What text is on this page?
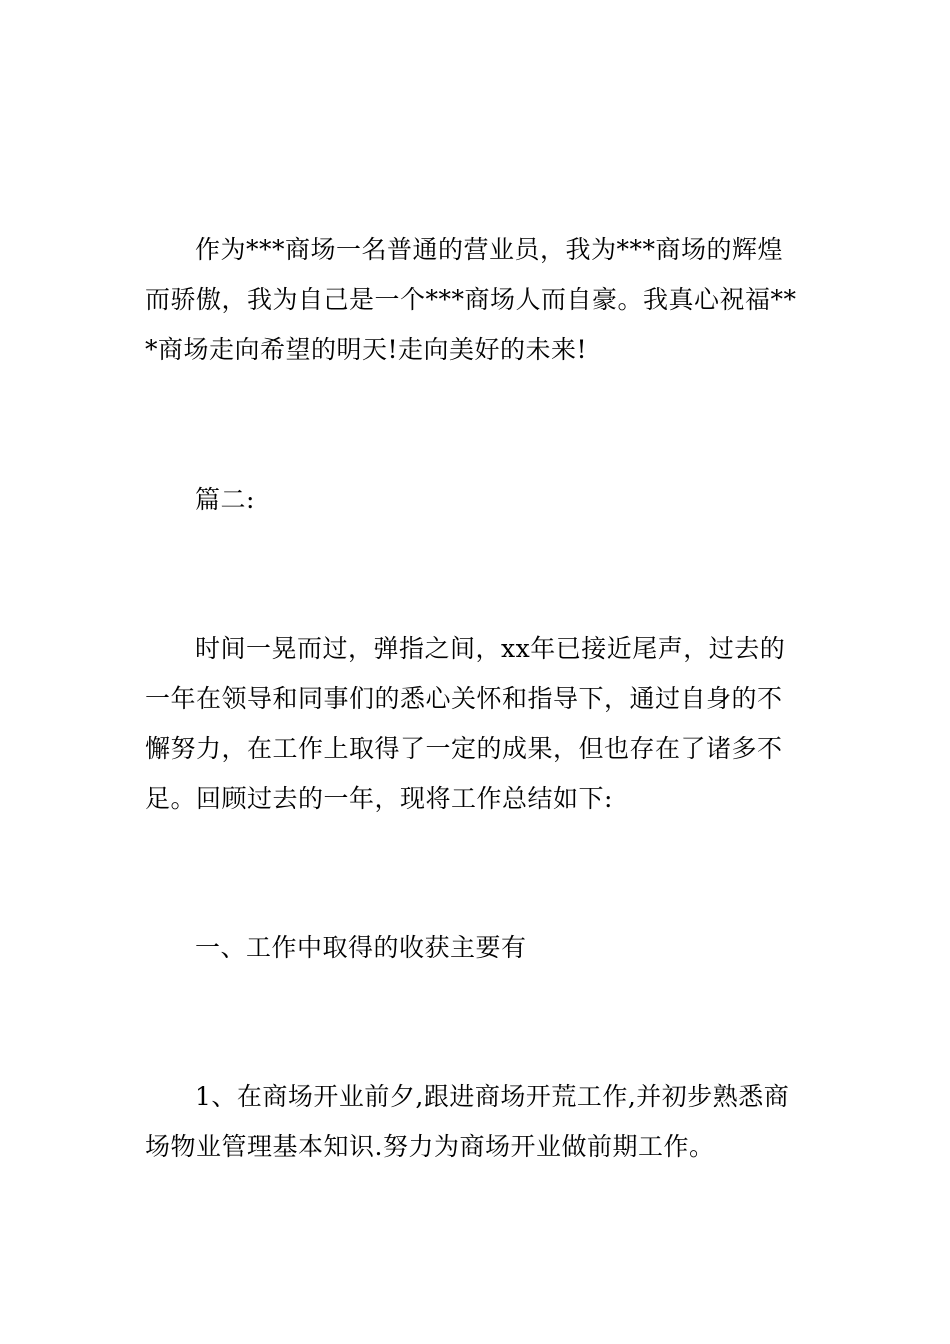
作为***商场一名普通的营业员，我为***商场的辉煌
而骄傲，我为自己是一个***商场人而自豪。我真心祝福**
*商场走向希望的明天!走向美好的未来!
篇二:
时间一晃而过，弹指之间，xx年已接近尾声，过去的
一年在领导和同事们的悉心关怀和指导下，通过自身的不
懈努力，在工作上取得了一定的成果，但也存在了诸多不
足。回顾过去的一年，现将工作总结如下:
一、工作中取得的收获主要有
1、在商场开业前夕,跟进商场开荒工作,并初步熟悉商
场物业管理基本知识.努力为商场开业做前期工作。
